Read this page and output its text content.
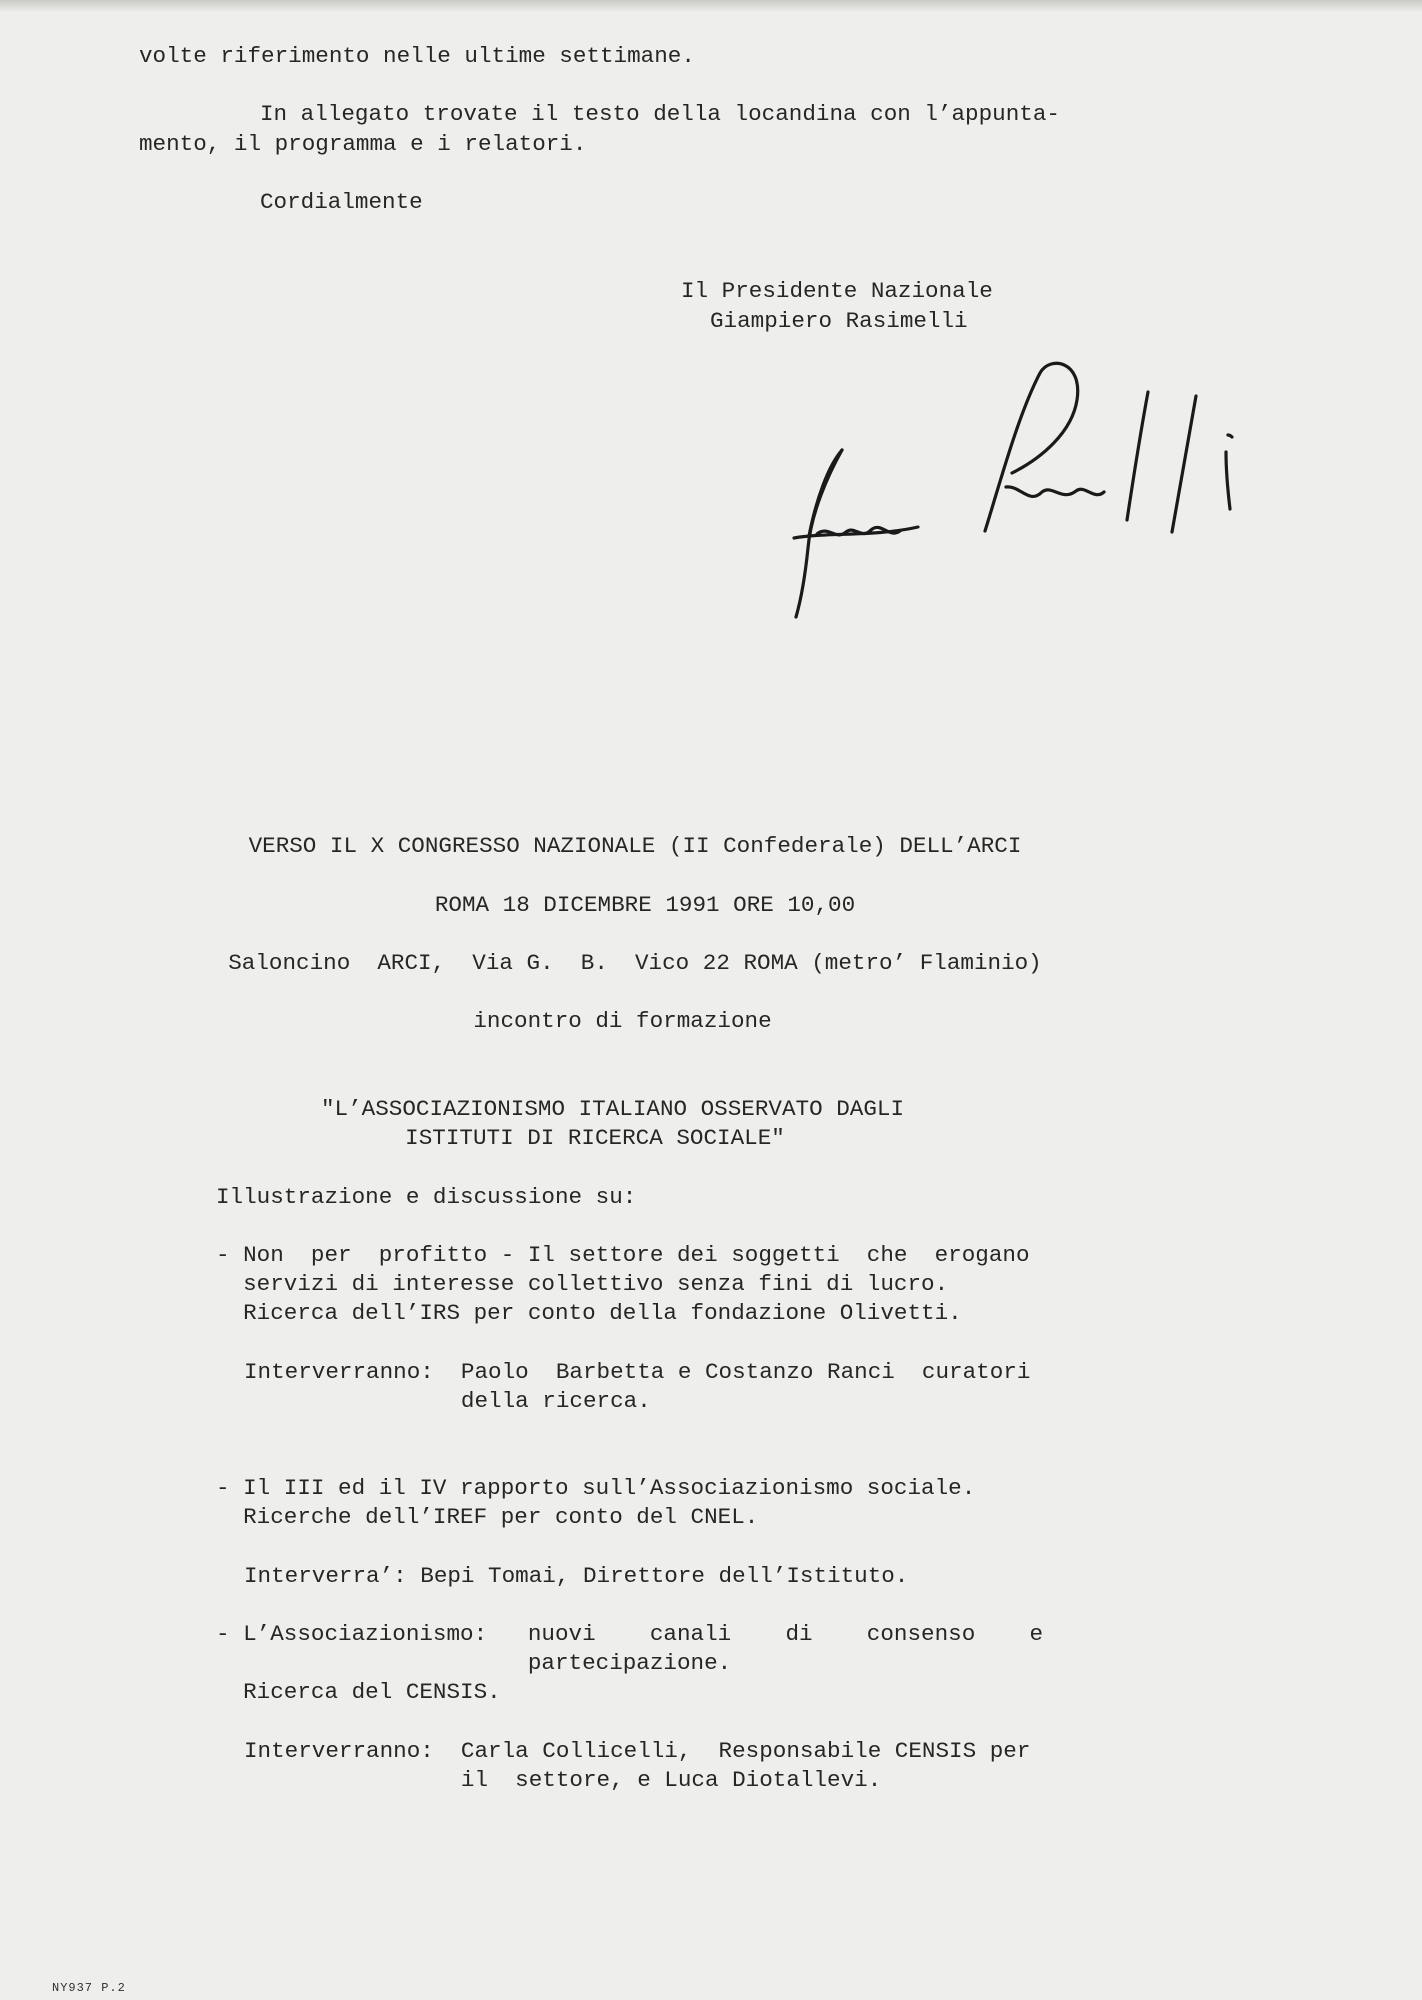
volte riferimento nelle ultime settimane.
In allegato trovate il testo della locandina con l’appunta-
mento, il programma e i relatori.
Cordialmente
Il Presidente Nazionale
Giampiero Rasimelli
VERSO IL X CONGRESSO NAZIONALE (II Confederale) DELL’ARCI
ROMA 18 DICEMBRE 1991 ORE 10,00
Saloncino  ARCI,  Via G.  B.  Vico 22 ROMA (metro’ Flaminio)
incontro di formazione
"L’ASSOCIAZIONISMO ITALIANO OSSERVATO DAGLI
ISTITUTI DI RICERCA SOCIALE"
Illustrazione e discussione su:
- Non  per  profitto - Il settore dei soggetti  che  erogano
servizi di interesse collettivo senza fini di lucro.
Ricerca dell’IRS per conto della fondazione Olivetti.
Interverranno:  Paolo  Barbetta e Costanzo Ranci  curatori
della ricerca.
- Il III ed il IV rapporto sull’Associazionismo sociale.
Ricerche dell’IREF per conto del CNEL.
Interverra’: Bepi Tomai, Direttore dell’Istituto.
- L’Associazionismo:   nuovi    canali    di    consenso    e
partecipazione.
Ricerca del CENSIS.
Interverranno:  Carla Collicelli,  Responsabile CENSIS per
il  settore, e Luca Diotallevi.
NY937 P.2
